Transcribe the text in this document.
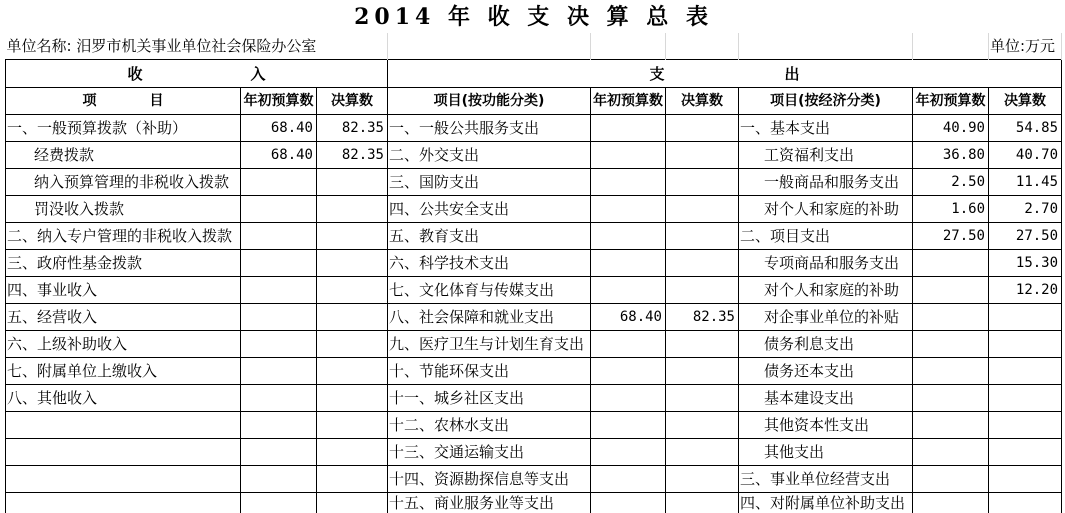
2014 年 收 支 决 算 总 表								
单位名称: 汨罗市机关事业单位社会保险办公室								单位:万元

收 入			支 出					

项 目	年初预算数	决算数	项目(按功能分类)	年初预算数	决算数	项目(按经济分类)	年初预算数	决算数
一、一般预算拨款（补助）	68.40	82.35	一、一般公共服务支出			一、基本支出	40.90	54.85
经费拨款	68.40	82.35	二、外交支出			工资福利支出	36.80	40.70
纳入预算管理的非税收入拨款			三、国防支出			一般商品和服务支出	2.50	11.45
罚没收入拨款			四、公共安全支出			对个人和家庭的补助	1.60	2.70
二、纳入专户管理的非税收入拨款			五、教育支出			二、项目支出	27.50	27.50
三、政府性基金拨款			六、科学技术支出			专项商品和服务支出		15.30
四、事业收入			七、文化体育与传媒支出			对个人和家庭的补助		12.20
五、经营收入			八、社会保障和就业支出	68.40	82.35	对企事业单位的补贴		
六、上级补助收入			九、医疗卫生与计划生育支出			债务利息支出		
七、附属单位上缴收入			十、节能环保支出			债务还本支出		
八、其他收入			十一、城乡社区支出			基本建设支出		
			十二、农林水支出			其他资本性支出		
			十三、交通运输支出			其他支出		
			十四、资源勘探信息等支出			三、事业单位经营支出		
			十五、商业服务业等支出			四、对附属单位补助支出		
